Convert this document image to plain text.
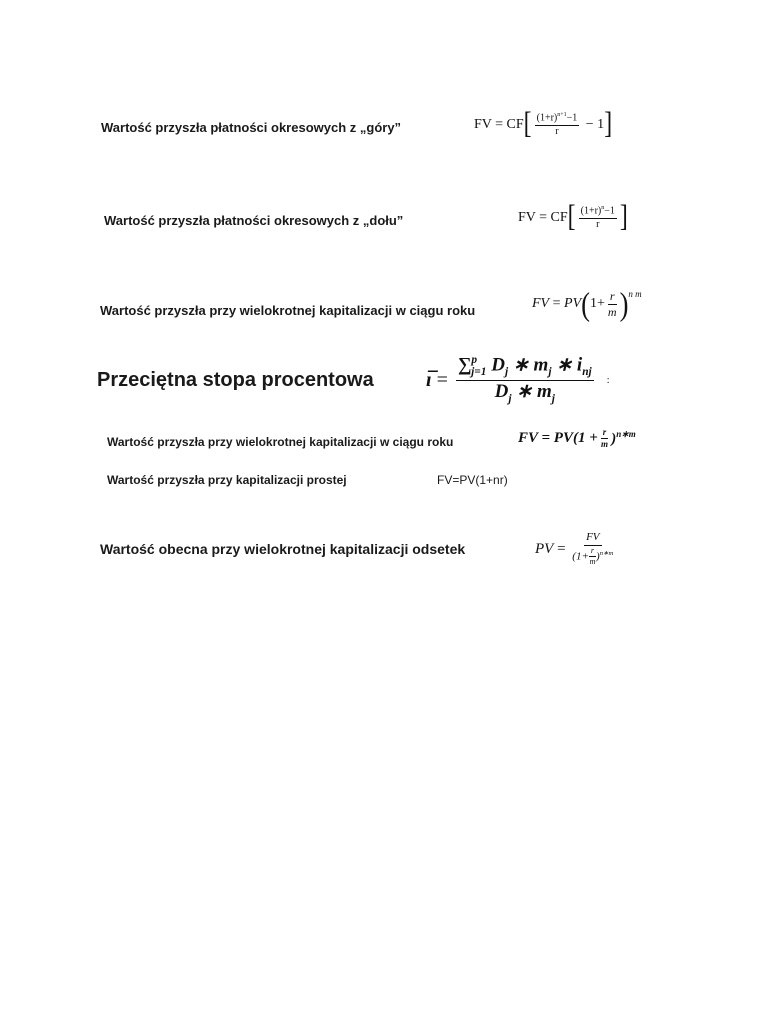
Wartość przyszła płatności okresowych z „góry”	FV = CF [ $\frac{(1+r)^{n+1}-1}{r} - 1$ ]
Wartość przyszła płatności okresowych z „dołu”	FV = CF [ $\frac{(1+r)^n-1}{r}$ ]
Wartość przyszła przy wielokrotnej kapitalizacji w ciągu roku	FV = PV ( $1+ \frac{r}{m} )^{n m}$
Przeciętna stopa procentowa	ı̅ = $\frac{\sum^p_{j=1} D_j ∗ m_j ∗ i_{nj}}{D_j ∗ m_j}$ :
Wartość przyszła przy wielokrotnej kapitalizacji w ciągu roku	FV = $PV(1 + \frac{r}{m} )^{n∗m}$
Wartość przyszła przy kapitalizacji prostej	FV=PV(1+nr)
Wartość obecna przy wielokrotnej kapitalizacji odsetek	PV = $\frac{FV}{(1+ \frac{r}{m} )^{n∗m}}$
